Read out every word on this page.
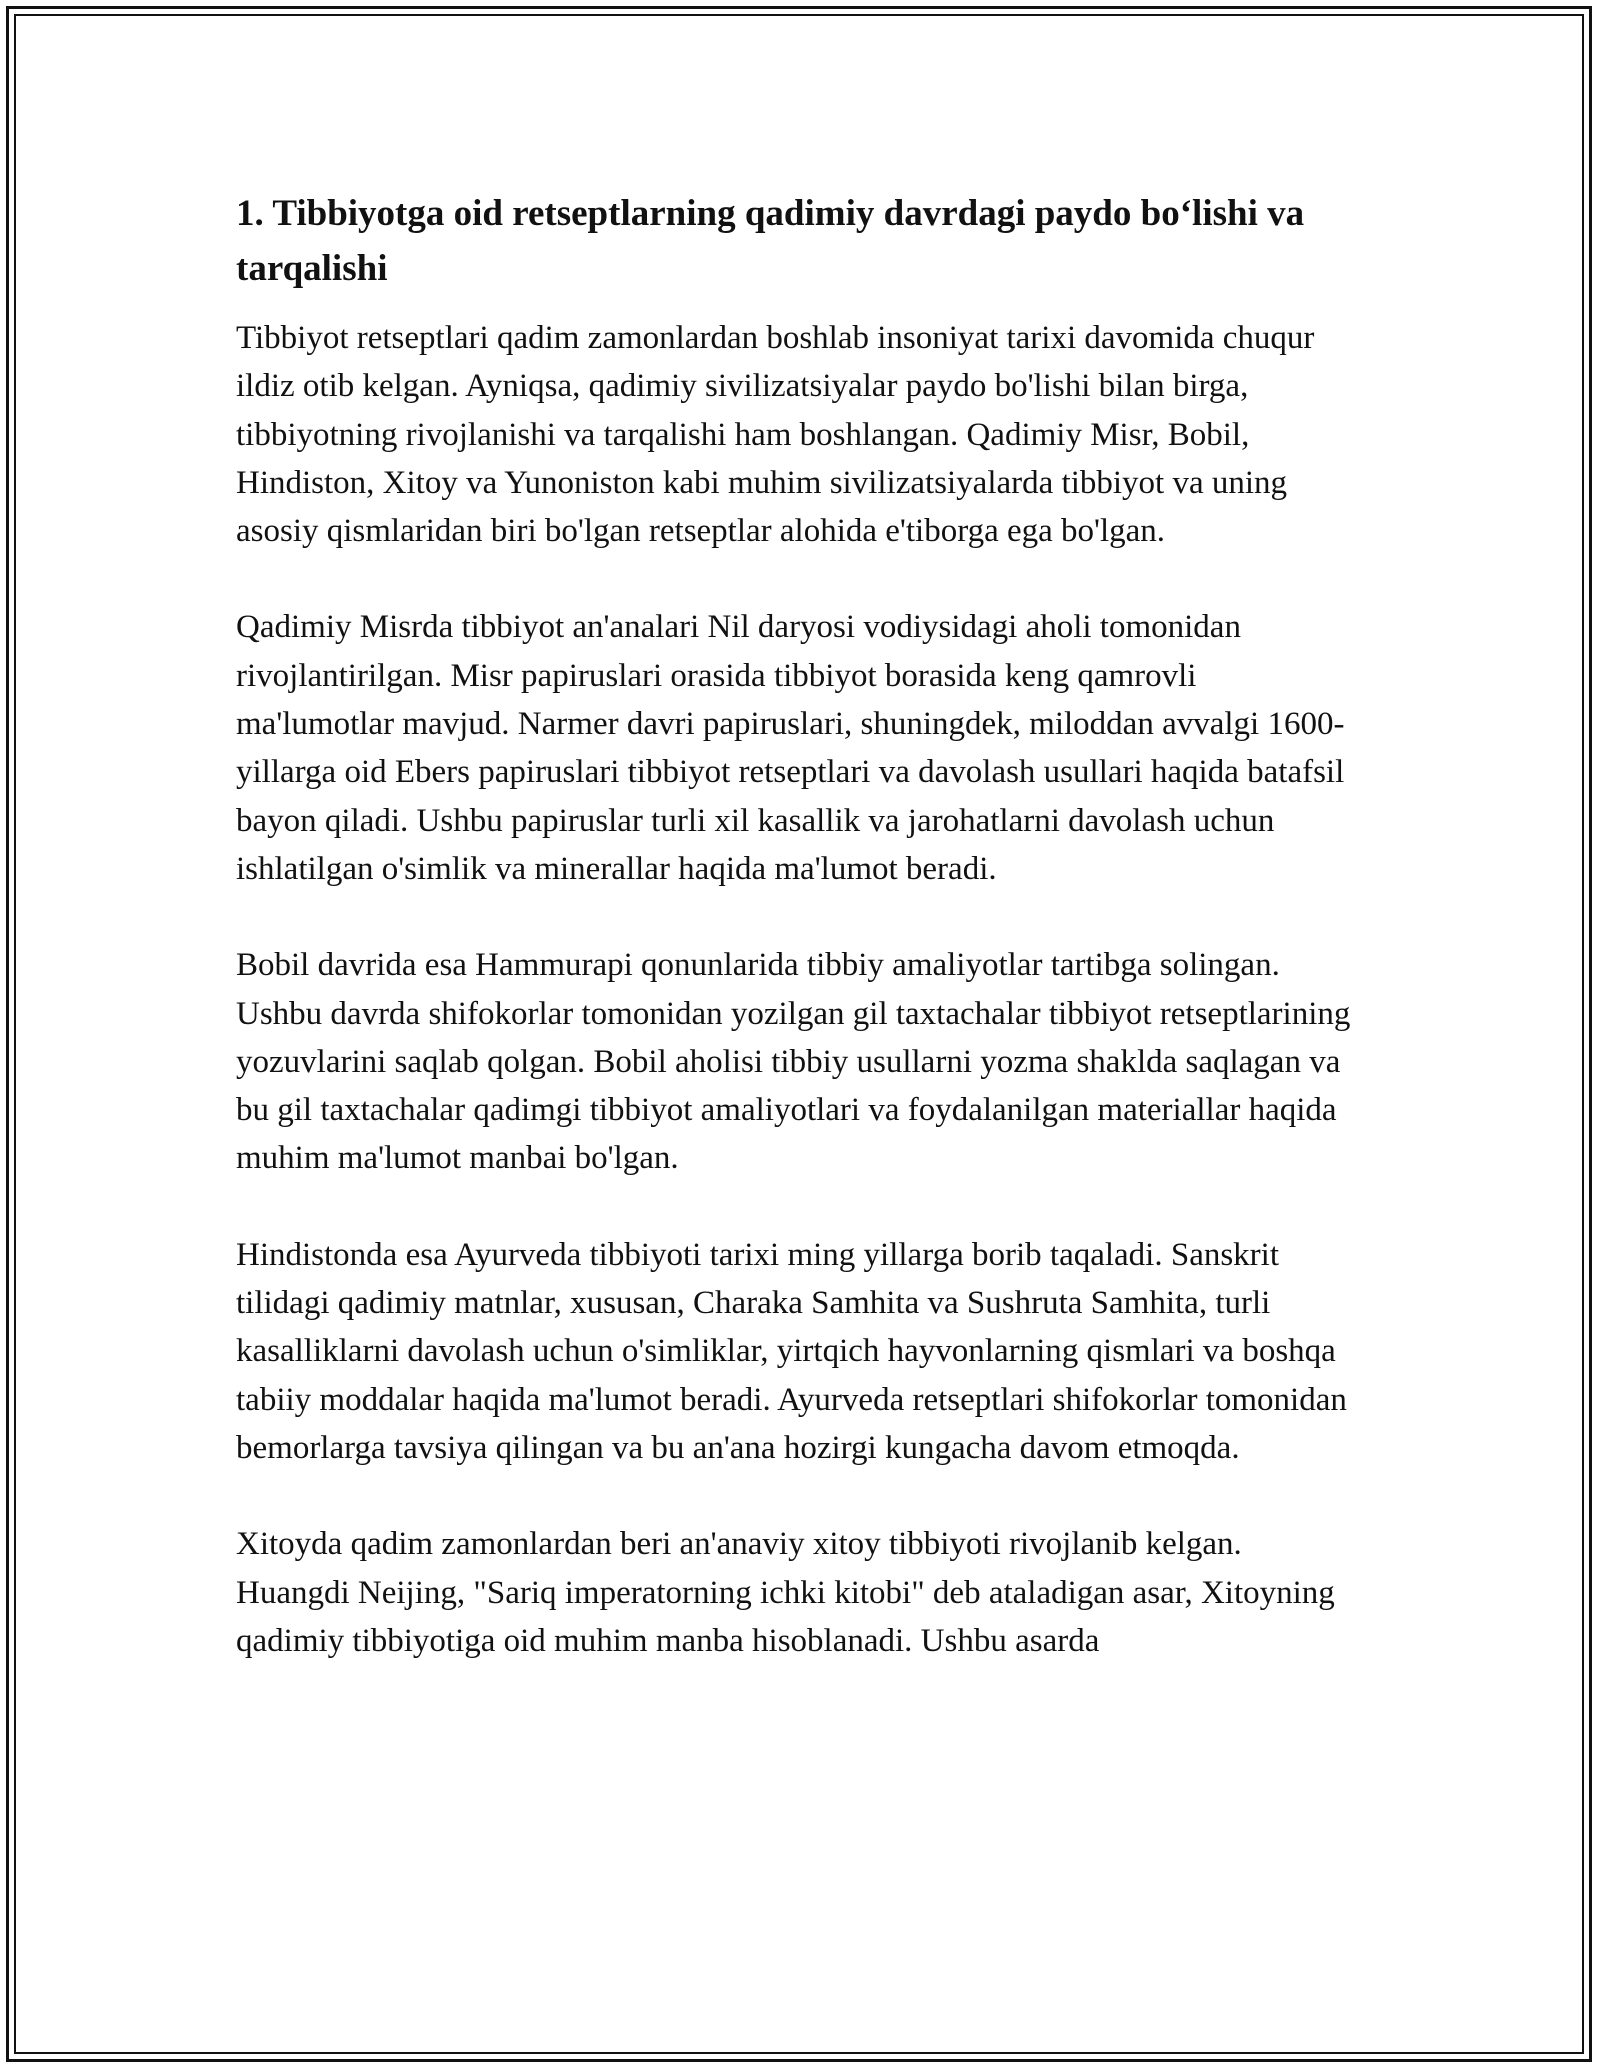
1. Tibbiyotga oid retseptlarning qadimiy davrdagi paydo bo‘lishi va tarqalishi

Tibbiyot retseptlari qadim zamonlardan boshlab insoniyat tarixi davomida chuqur ildiz otib kelgan. Ayniqsa, qadimiy sivilizatsiyalar paydo bo'lishi bilan birga, tibbiyotning rivojlanishi va tarqalishi ham boshlangan. Qadimiy Misr, Bobil, Hindiston, Xitoy va Yunoniston kabi muhim sivilizatsiyalarda tibbiyot va uning asosiy qismlaridan biri bo'lgan retseptlar alohida e'tiborga ega bo'lgan.

Qadimiy Misrda tibbiyot an'analari Nil daryosi vodiysidagi aholi tomonidan rivojlantirilgan. Misr papiruslari orasida tibbiyot borasida keng qamrovli ma'lumotlar mavjud. Narmer davri papiruslari, shuningdek, miloddan avvalgi 1600-yillarga oid Ebers papiruslari tibbiyot retseptlari va davolash usullari haqida batafsil bayon qiladi. Ushbu papiruslar turli xil kasallik va jarohatlarni davolash uchun ishlatilgan o'simlik va minerallar haqida ma'lumot beradi.

Bobil davrida esa Hammurapi qonunlarida tibbiy amaliyotlar tartibga solingan. Ushbu davrda shifokorlar tomonidan yozilgan gil taxtachalar tibbiyot retseptlarining yozuvlarini saqlab qolgan. Bobil aholisi tibbiy usullarni yozma shaklda saqlagan va bu gil taxtachalar qadimgi tibbiyot amaliyotlari va foydalanilgan materiallar haqida muhim ma'lumot manbai bo'lgan.

Hindistonda esa Ayurveda tibbiyoti tarixi ming yillarga borib taqaladi. Sanskrit tilidagi qadimiy matnlar, xususan, Charaka Samhita va Sushruta Samhita, turli kasalliklarni davolash uchun o'simliklar, yirtqich hayvonlarning qismlari va boshqa tabiiy moddalar haqida ma'lumot beradi. Ayurveda retseptlari shifokorlar tomonidan bemorlarga tavsiya qilingan va bu an'ana hozirgi kungacha davom etmoqda.

Xitoyda qadim zamonlardan beri an'anaviy xitoy tibbiyoti rivojlanib kelgan. Huangdi Neijing, "Sariq imperatorning ichki kitobi" deb ataladigan asar, Xitoyning qadimiy tibbiyotiga oid muhim manba hisoblanadi. Ushbu asarda
